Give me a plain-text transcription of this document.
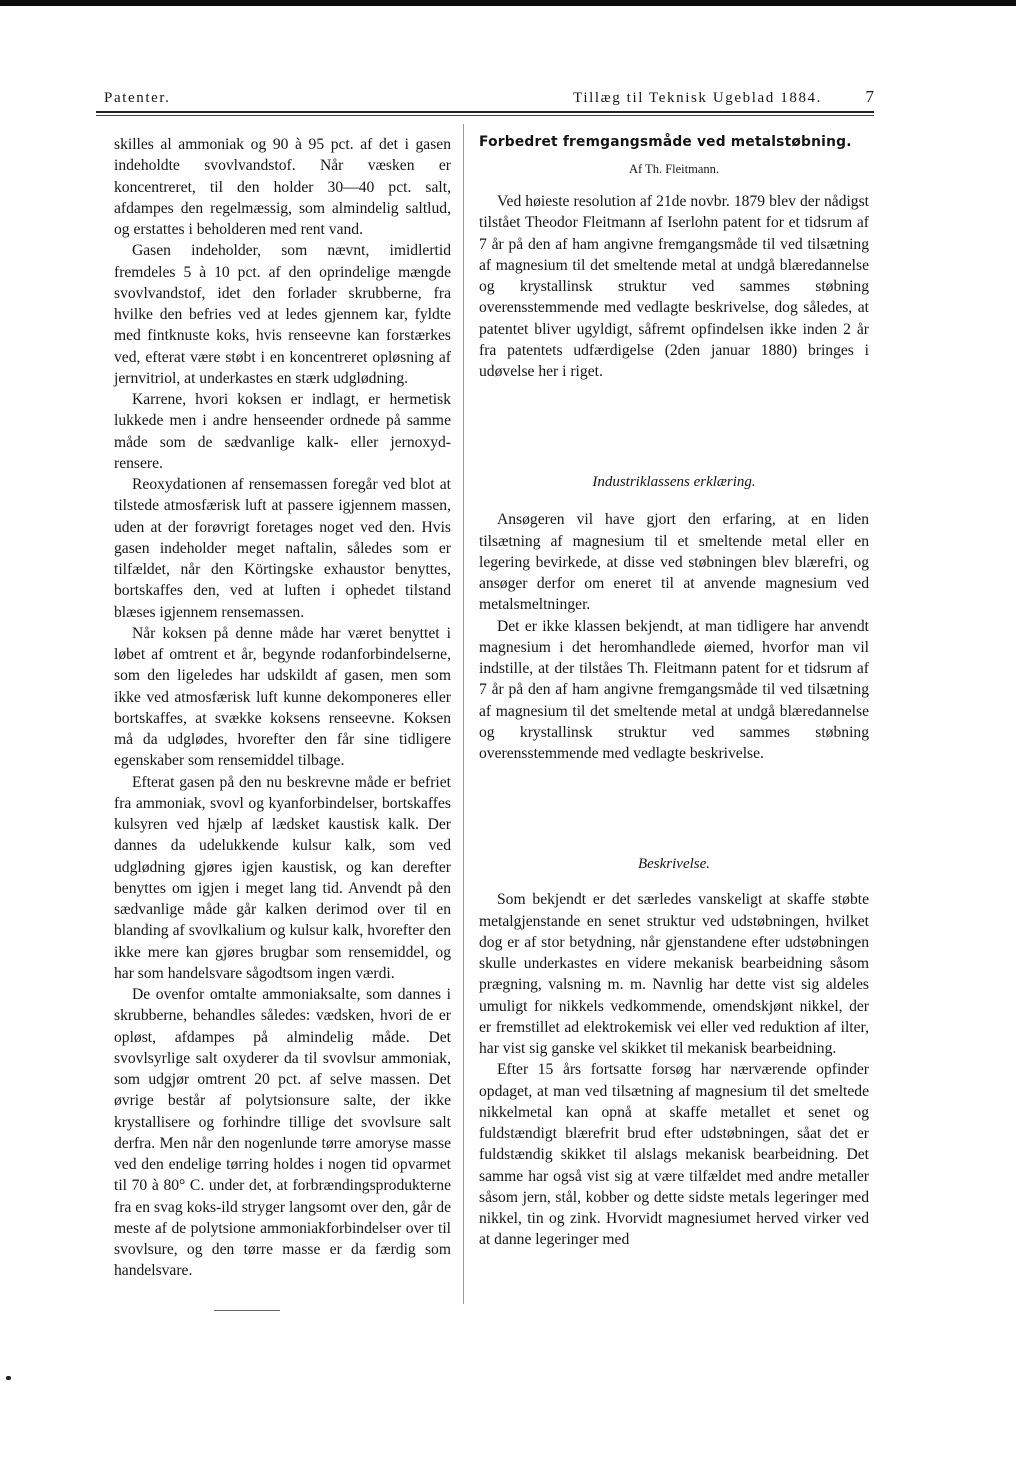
Patenter.	Tillæg til Teknisk Ugeblad 1884.	7

skilles al ammoniak og 90 à 95 pct. af det i gasen indeholdte svovlvandstof. Når væsken er koncentreret, til den holder 30—40 pct. salt, afdampes den regelmæssig, som almindelig saltlud, og erstattes i beholderen med rent vand.

Gasen indeholder, som nævnt, imidlertid fremdeles 5 à 10 pct. af den oprindelige mængde svovlvandstof, idet den forlader skrubberne, fra hvilke den befries ved at ledes gjennem kar, fyldte med fintknuste koks, hvis renseevne kan forstærkes ved, efterat være støbt i en koncentreret opløsning af jernvitriol, at underkastes en stærk udglødning.

Karrene, hvori koksen er indlagt, er hermetisk lukkede men i andre henseender ordnede på samme måde som de sædvanlige kalk- eller jernoxyd-rensere.

Reoxydationen af rensemassen foregår ved blot at tilstede atmosfærisk luft at passere igjennem massen, uden at der forøvrigt foretages noget ved den. Hvis gasen indeholder meget naftalin, således som er tilfældet, når den Körtingske exhaustor benyttes, bortskaffes den, ved at luften i ophedet tilstand blæses igjennem rensemassen.

Når koksen på denne måde har været benyttet i løbet af omtrent et år, begynde rodanforbindelserne, som den ligeledes har udskildt af gasen, men som ikke ved atmosfærisk luft kunne dekomponeres eller bortskaffes, at svække koksens renseevne. Koksen må da udglødes, hvorefter den får sine tidligere egenskaber som rensemiddel tilbage.

Efterat gasen på den nu beskrevne måde er befriet fra ammoniak, svovl og kyanforbindelser, bortskaffes kulsyren ved hjælp af lædsket kaustisk kalk. Der dannes da udelukkende kulsur kalk, som ved udglødning gjøres igjen kaustisk, og kan derefter benyttes om igjen i meget lang tid. Anvendt på den sædvanlige måde går kalken derimod over til en blanding af svovlkalium og kulsur kalk, hvorefter den ikke mere kan gjøres brugbar som rensemiddel, og har som handelsvare sågodtsom ingen værdi.

De ovenfor omtalte ammoniaksalte, som dannes i skrubberne, behandles således: vædsken, hvori de er opløst, afdampes på almindelig måde. Det svovlsyrlige salt oxyderer da til svovlsur ammoniak, som udgjør omtrent 20 pct. af selve massen. Det øvrige består af polytsionsure salte, der ikke krystallisere og forhindre tillige det svovlsure salt derfra. Men når den nogenlunde tørre amoryse masse ved den endelige tørring holdes i nogen tid opvarmet til 70 à 80° C. under det, at forbrændingsprodukterne fra en svag koks-ild stryger langsomt over den, går de meste af de polytsione ammoniakforbindelser over til svovlsure, og den tørre masse er da færdig som handelsvare.

Forbedret fremgangsmåde ved metalstøbning.
Af Th. Fleitmann.

Ved høieste resolution af 21de novbr. 1879 blev der nådigst tilstået Theodor Fleitmann af Iserlohn patent for et tidsrum af 7 år på den af ham angivne fremgangsmåde til ved tilsætning af magnesium til det smeltende metal at undgå blæredannelse og krystallinsk struktur ved sammes støbning overensstemmende med vedlagte beskrivelse, dog således, at patentet bliver ugyldigt, såfremt opfindelsen ikke inden 2 år fra patentets udfærdigelse (2den januar 1880) bringes i udøvelse her i riget.

Industriklassens erklæring.

Ansøgeren vil have gjort den erfaring, at en liden tilsætning af magnesium til et smeltende metal eller en legering bevirkede, at disse ved støbningen blev blærefri, og ansøger derfor om eneret til at anvende magnesium ved metalsmeltninger.

Det er ikke klassen bekjendt, at man tidligere har anvendt magnesium i det heromhandlede øiemed, hvorfor man vil indstille, at der tilståes Th. Fleitmann patent for et tidsrum af 7 år på den af ham angivne fremgangsmåde til ved tilsætning af magnesium til det smeltende metal at undgå blæredannelse og krystallinsk struktur ved sammes støbning overensstemmende med vedlagte beskrivelse.

Beskrivelse.

Som bekjendt er det særledes vanskeligt at skaffe støbte metalgjenstande en senet struktur ved udstøbningen, hvilket dog er af stor betydning, når gjenstandene efter udstøbningen skulle underkastes en videre mekanisk bearbeidning såsom prægning, valsning m. m. Navnlig har dette vist sig aldeles umuligt for nikkels vedkommende, omendskjønt nikkel, der er fremstillet ad elektrokemisk vei eller ved reduktion af ilter, har vist sig ganske vel skikket til mekanisk bearbeidning.

Efter 15 års fortsatte forsøg har nærværende opfinder opdaget, at man ved tilsætning af magnesium til det smeltede nikkelmetal kan opnå at skaffe metallet et senet og fuldstændigt blærefrit brud efter udstøbningen, såat det er fuldstændig skikket til alslags mekanisk bearbeidning. Det samme har også vist sig at være tilfældet med andre metaller såsom jern, stål, kobber og dette sidste metals legeringer med nikkel, tin og zink. Hvorvidt magnesiumet herved virker ved at danne legeringer med
